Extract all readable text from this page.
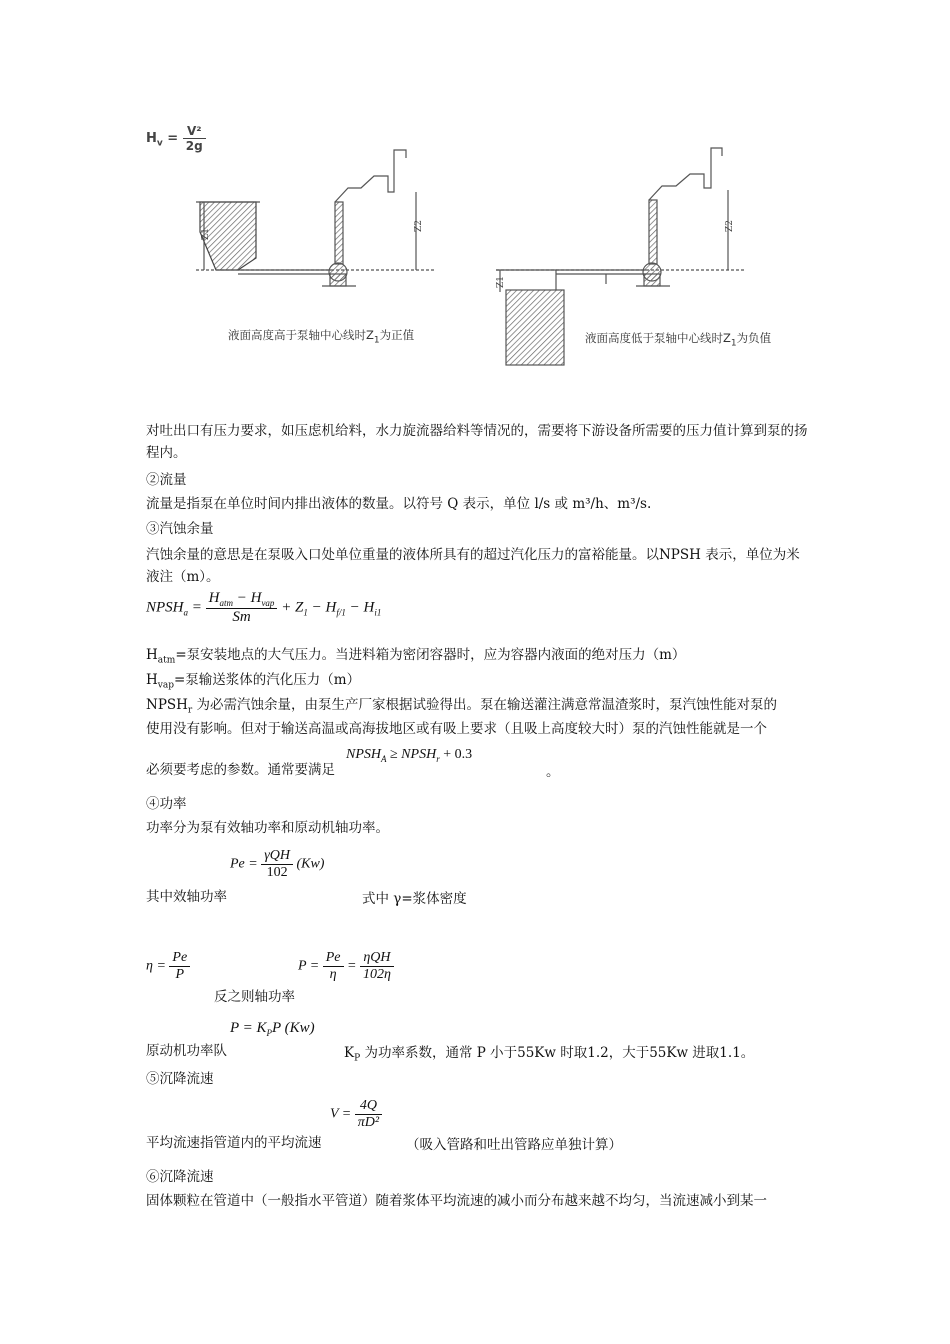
$H_v = \frac{\text{V²}}{2g}$
Z1
Z2
Z1
Z2
液面高度高于泵轴中心线时$Z_1$为正值	液面高度低于泵轴中心线时$Z_1$为负值
对吐出口有压力要求，如压虑机给料，水力旋流器给料等情况的，需要将下游设备所需要的压力值计算到泵的扬程内。
②流量
流量是指泵在单位时间内排出液体的数量。以符号 Q 表示，单位 l/s 或 m³/h、m³/s.
③汽蚀余量
汽蚀余量的意思是在泵吸入口处单位重量的液体所具有的超过汽化压力的富裕能量。以NPSH 表示，单位为米液注（m）。
$NPSH_a = \frac{H_{atm} - H_{vap}}{Sm} + Z_1 - H_{f/1} - H_{i1}$
$H_{atm}=$泵安装地点的大气压力。当进料箱为密闭容器时，应为容器内液面的绝对压力（m）
$H_{vap}=$泵输送浆体的汽化压力（m）
$NPSH_r$ 为必需汽蚀余量，由泵生产厂家根据试验得出。泵在输送灌注满意常温渣浆时，泵汽蚀性能对泵的
使用没有影响。但对于输送高温或高海拔地区或有吸上要求（且吸上高度较大时）泵的汽蚀性能就是一个
必须要考虑的参数。通常要满足
$NPSH_A$ ≥ $NPSH_r + 0.3$
。
④功率
功率分为泵有效轴功率和原动机轴功率。
$Pe = \frac{\text{γQH}}{102} (Kw)$
其中效轴功率	式中 γ=浆体密度
$\eta = \frac{Pe}{P}$	$P = \frac{Pe}{\eta} = \frac{\text{ηQH}}{102\eta}$
反之则轴功率
$P = K_PP$ (Kw)
原动机功率队	$K_P$ 为功率系数，通常 P 小于55Kw 时取1.2，大于55Kw 进取1.1。
⑤沉降流速
$V = \frac{4Q}{\text{πD²}}$
平均流速指管道内的平均流速	（吸入管路和吐出管路应单独计算）
⑥沉降流速
固体颗粒在管道中（一般指水平管道）随着浆体平均流速的减小而分布越来越不均匀，当流速减小到某一
